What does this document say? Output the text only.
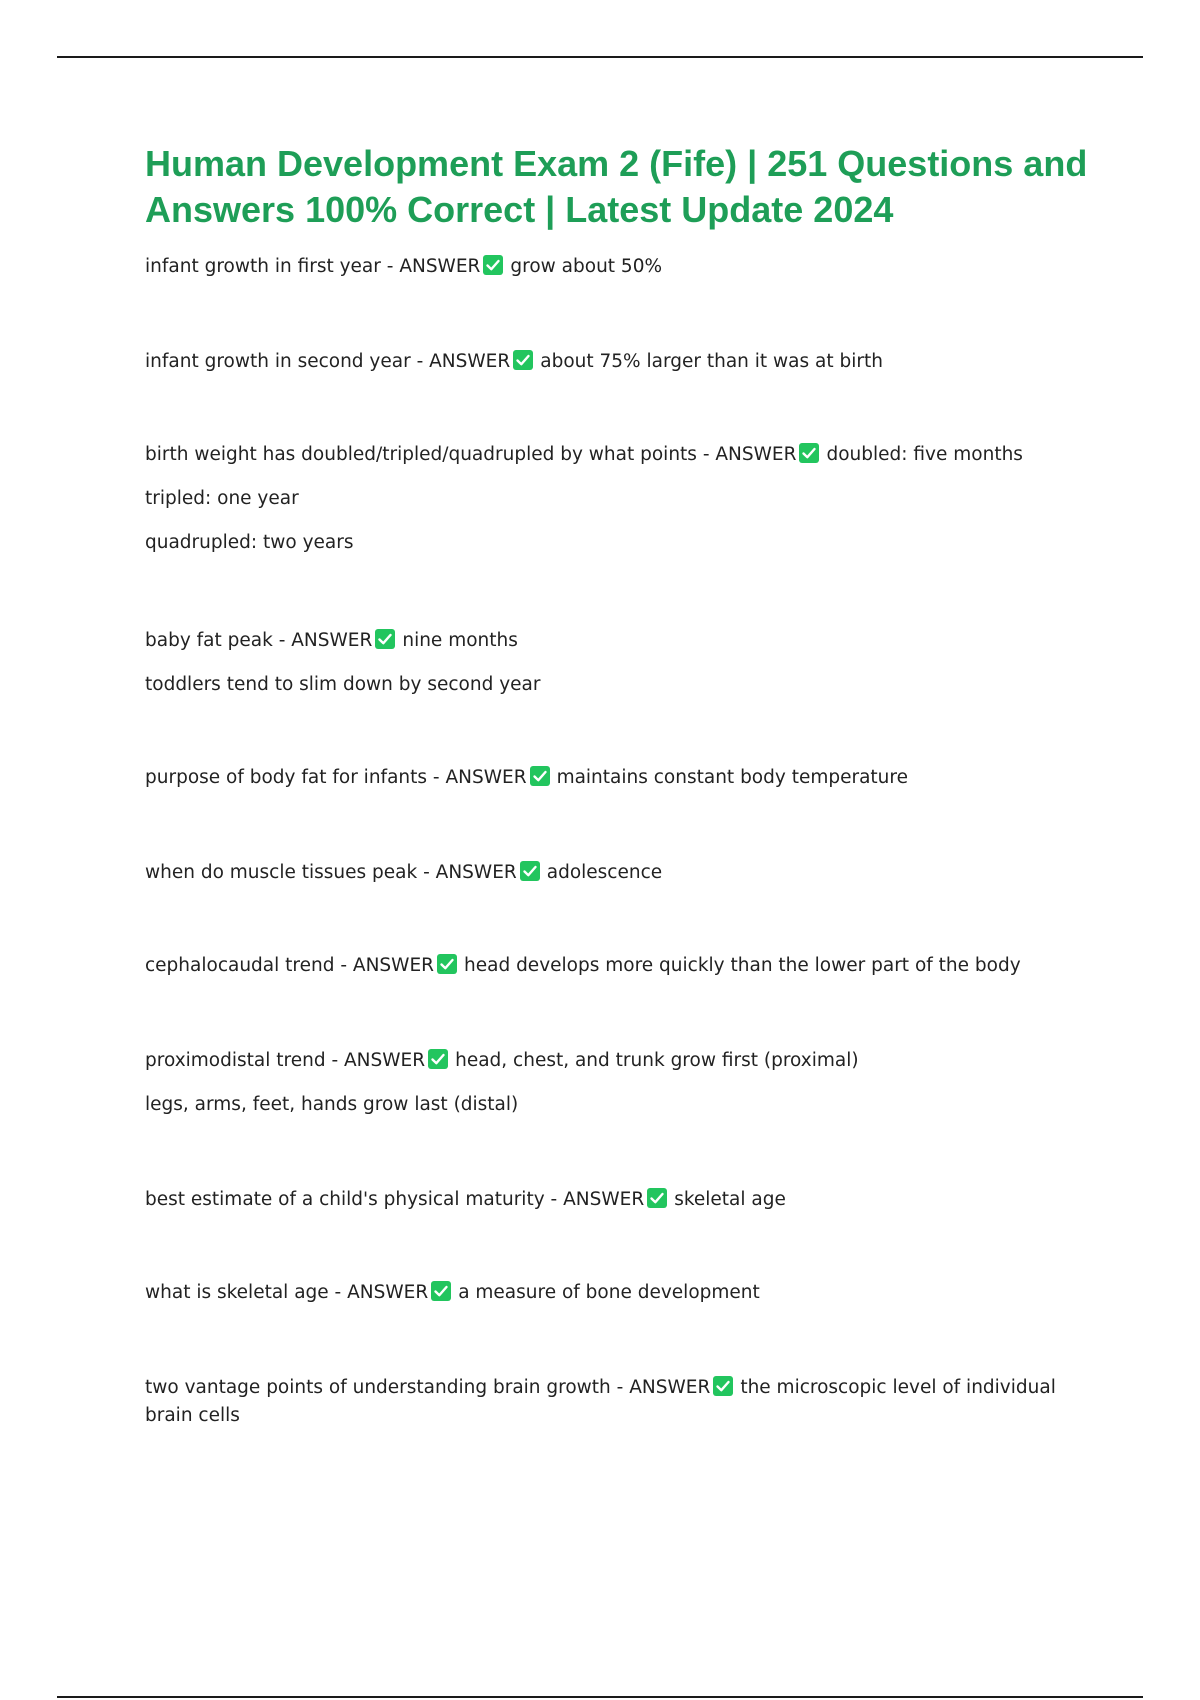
Human Development Exam 2 (Fife) | 251 Questions and Answers 100% Correct | Latest Update 2024
infant growth in first year - ANSWER grow about 50%
infant growth in second year - ANSWER about 75% larger than it was at birth
birth weight has doubled/tripled/quadrupled by what points - ANSWER doubled: five months
tripled: one year
quadrupled: two years
baby fat peak - ANSWER nine months
toddlers tend to slim down by second year
purpose of body fat for infants - ANSWER maintains constant body temperature
when do muscle tissues peak - ANSWER adolescence
cephalocaudal trend - ANSWER head develops more quickly than the lower part of the body
proximodistal trend - ANSWER head, chest, and trunk grow first (proximal)
legs, arms, feet, hands grow last (distal)
best estimate of a child's physical maturity - ANSWER skeletal age
what is skeletal age - ANSWER a measure of bone development
two vantage points of understanding brain growth - ANSWER the microscopic level of individual brain cells
